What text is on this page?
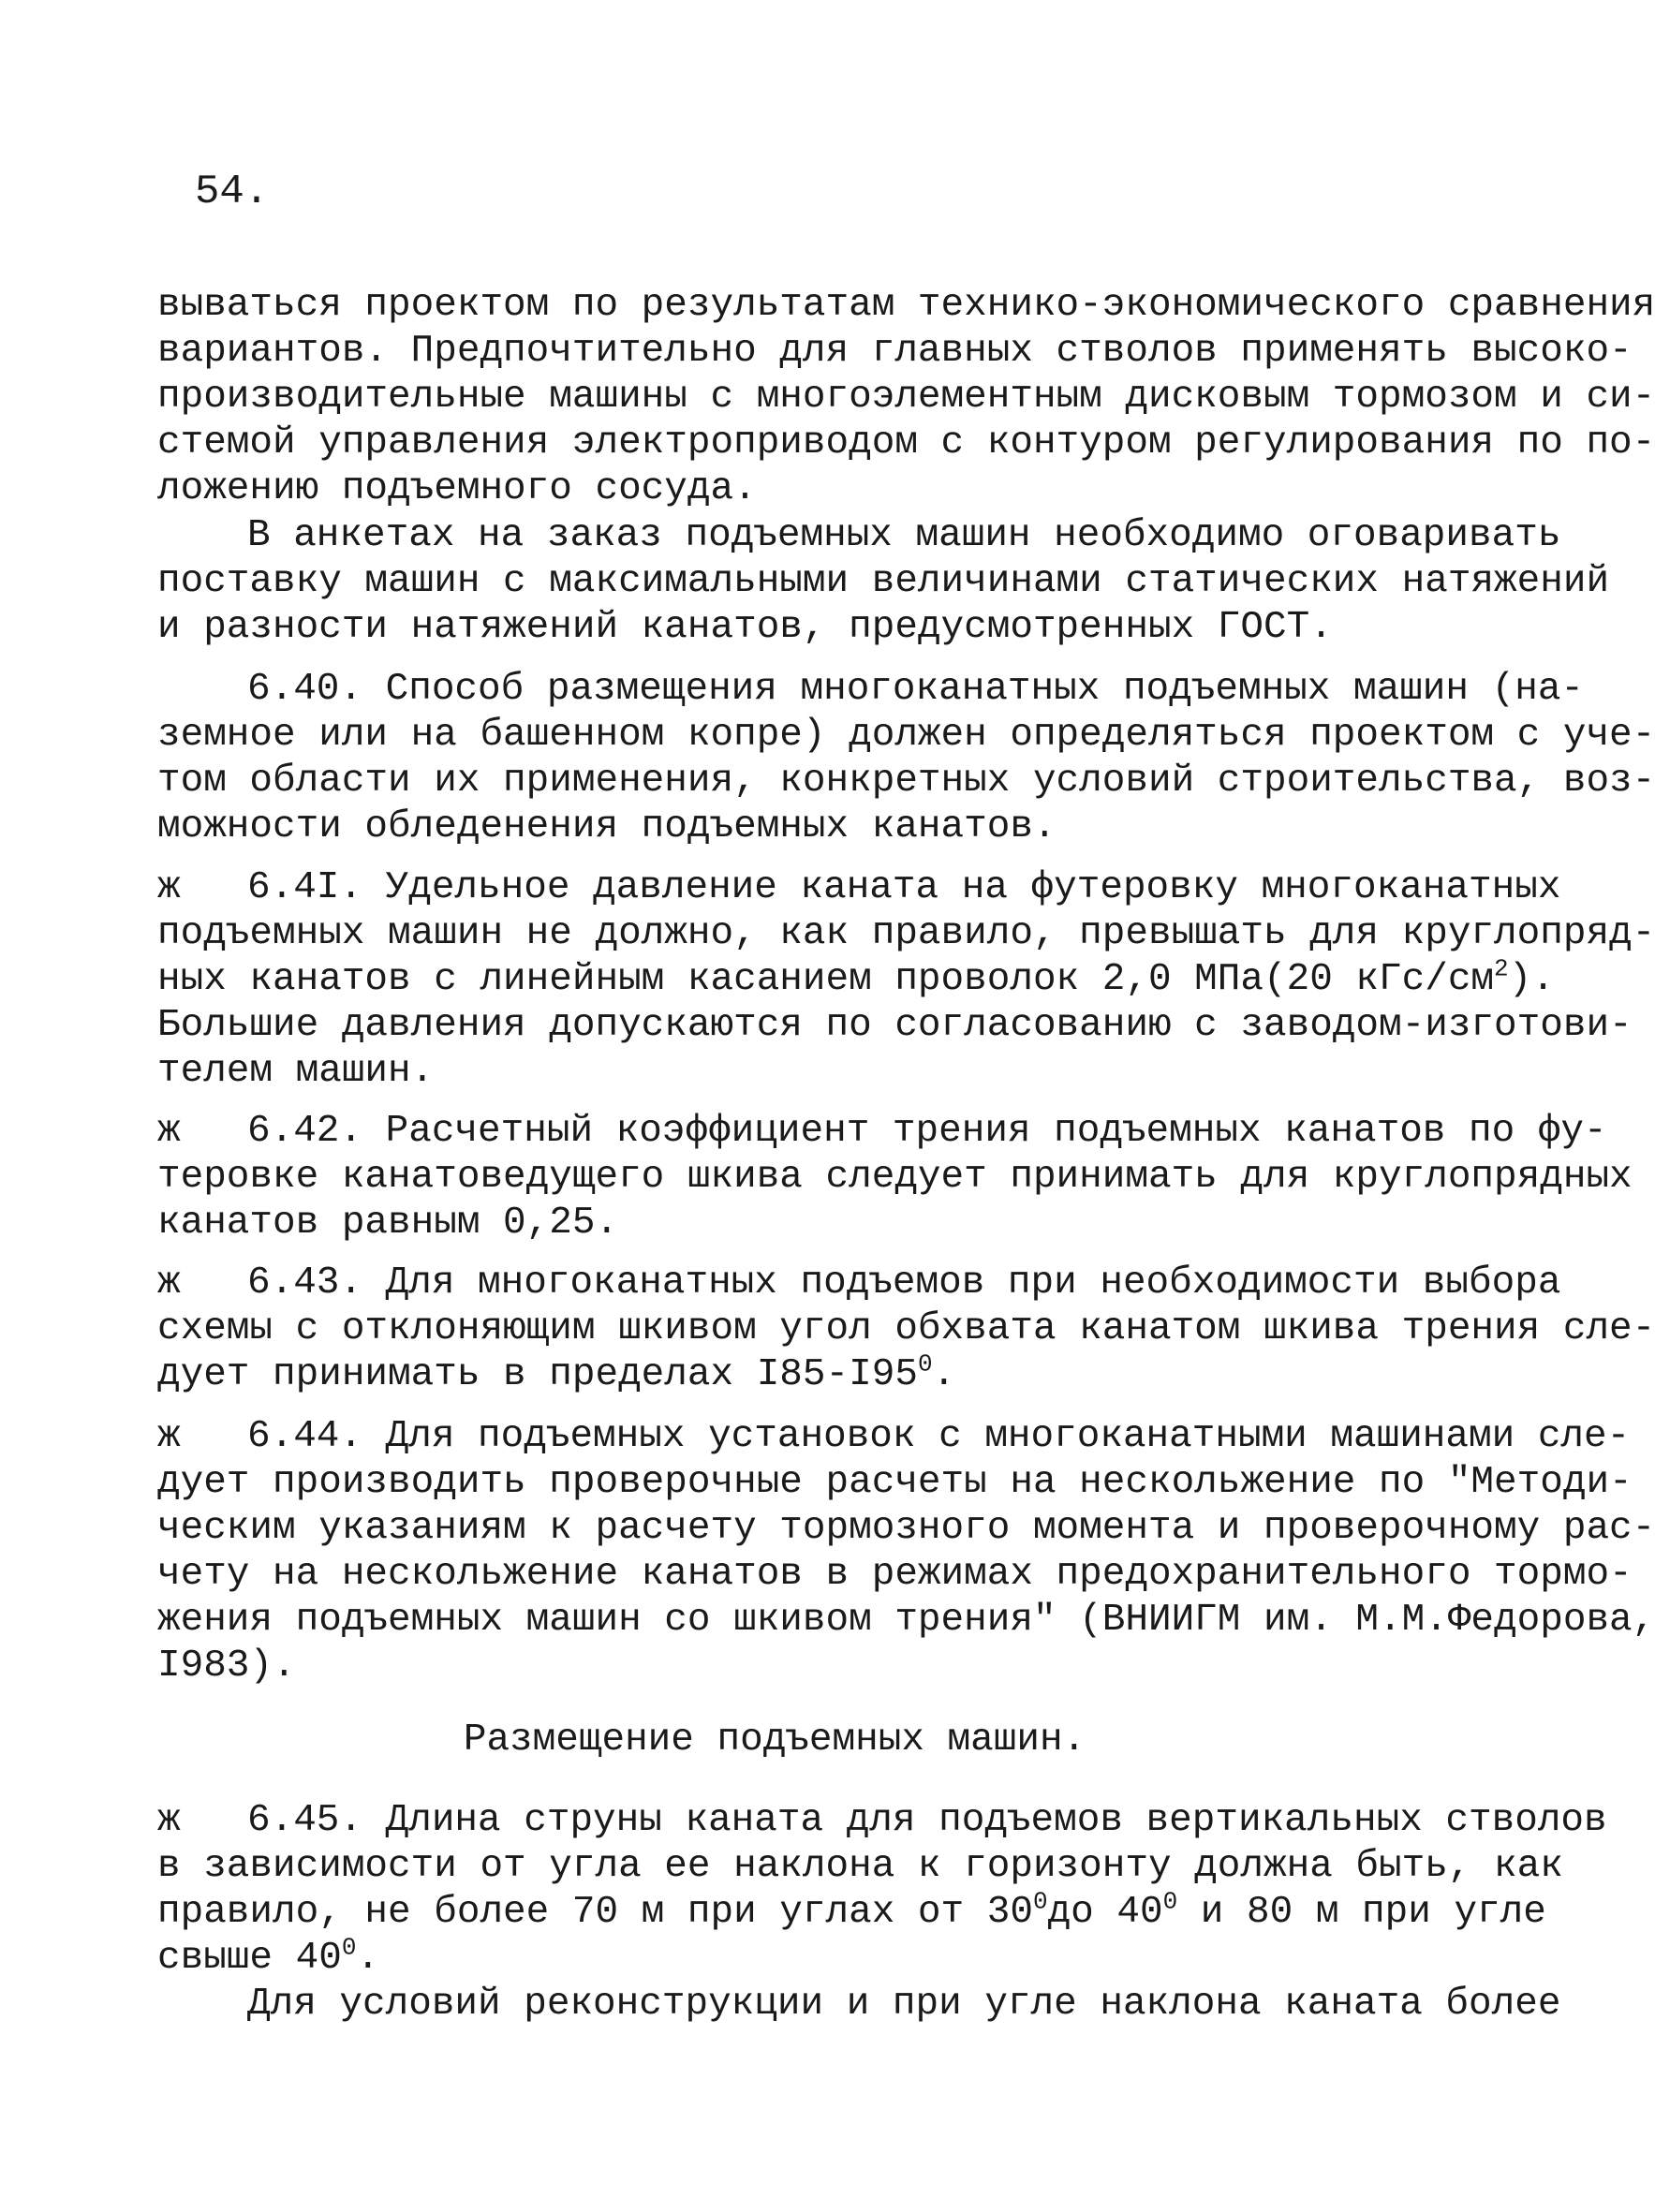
54.
вываться проектом по результатам технико-экономического сравнения
вариантов. Предпочтительно для главных стволов применять высоко-
производительные машины с многоэлементным дисковым тормозом и си-
стемой управления электроприводом с контуром регулирования по по-
ложению подъемного сосуда.
В анкетах на заказ подъемных машин необходимо оговаривать
поставку машин с максимальными величинами статических натяжений
и разности натяжений канатов, предусмотренных ГОСТ.
6.40. Способ размещения многоканатных подъемных машин (на-
земное или на башенном копре) должен определяться проектом с уче-
том области их применения, конкретных условий строительства, воз-
можности обледенения подъемных канатов.
ж 6.4I. Удельное давление каната на футеровку многоканатных
подъемных машин не должно, как правило, превышать для круглопряд-
ных канатов с линейным касанием проволок 2,0 МПа(20 кГс/$см^2$).
Большие давления допускаются по согласованию с заводом-изготови-
телем машин.
ж 6.42. Расчетный коэффициент трения подъемных канатов по фу-
теровке канатоведущего шкива следует принимать для круглопрядных
канатов равным 0,25.
ж 6.43. Для многоканатных подъемов при необходимости выбора
схемы с отклоняющим шкивом угол обхвата канатом шкива трения сле-
дует принимать в пределах $I85-I95^0$.
ж 6.44. Для подъемных установок с многоканатными машинами сле-
дует производить проверочные расчеты на нескольжение по "Методи-
ческим указаниям к расчету тормозного момента и проверочному рас-
чету на нескольжение канатов в режимах предохранительного тормо-
жения подъемных машин со шкивом трения" (ВНИИГМ им. М.М.Федорова,
I983).
Размещение подъемных машин.
ж 6.45. Длина струны каната для подъемов вертикальных стволов
в зависимости от угла ее наклона к горизонту должна быть, как
правило, не более 70 м при углах от $30^0до$ $40^0$ и 80 м при угле
свыше $40^0$.
Для условий реконструкции и при угле наклона каната более
